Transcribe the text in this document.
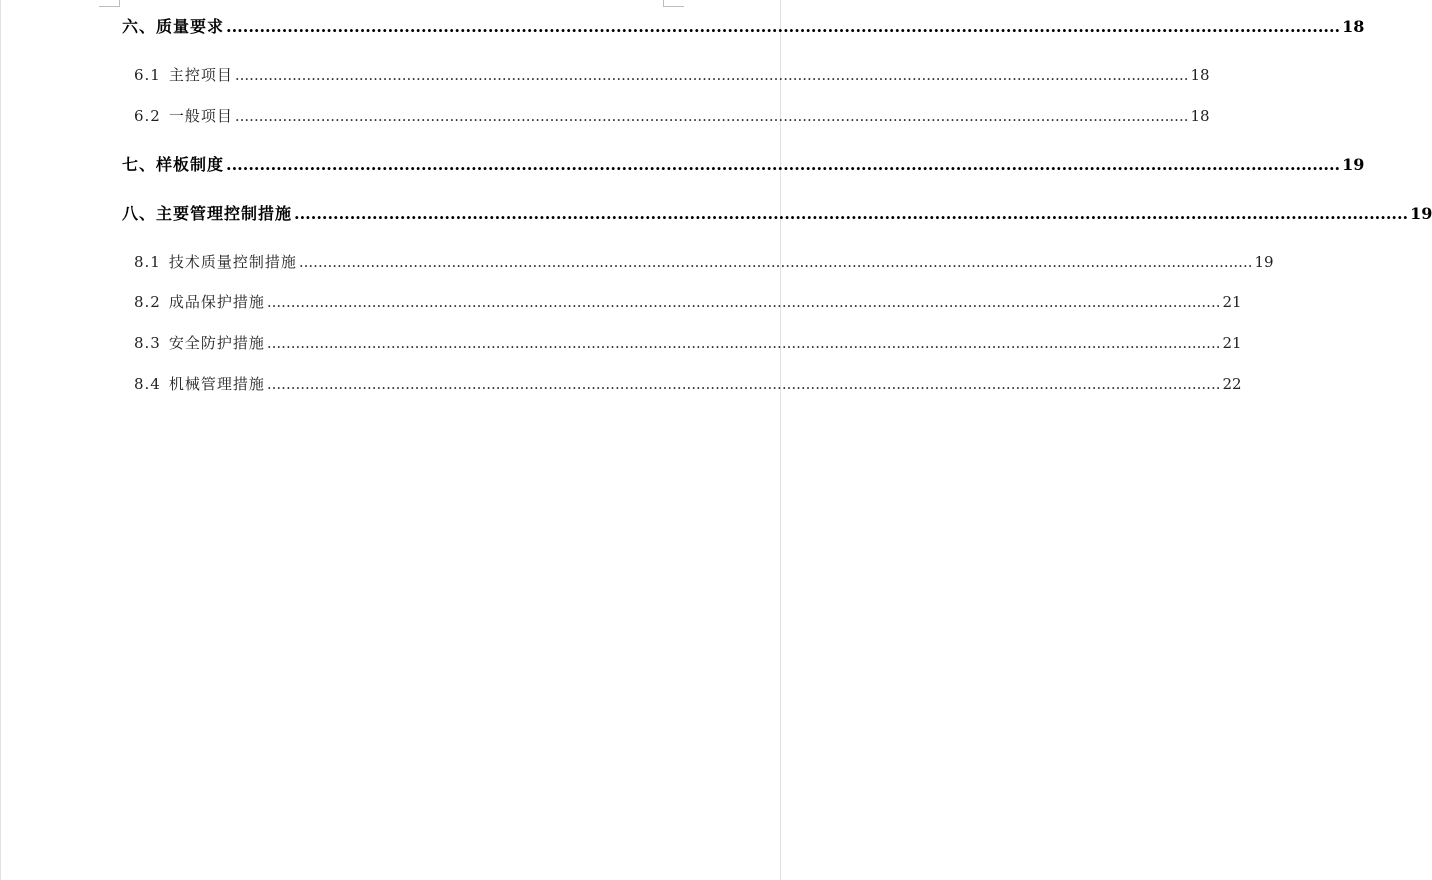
六、 质量要求 ........................................................................................................................................................................................................ 18
6.1 主控项目 ........................................................................................................................................................................................................ 18
6.2 一般项目 ........................................................................................................................................................................................................ 18
七、 样板制度 ........................................................................................................................................................................................................ 19
八、 主要管理控制措施 ........................................................................................................................................................................................................ 19
8.1 技术质量控制措施 ........................................................................................................................................................................................................ 19
8.2 成品保护措施 ........................................................................................................................................................................................................ 21
8.3 安全防护措施 ........................................................................................................................................................................................................ 21
8.4 机械管理措施 ........................................................................................................................................................................................................ 22
